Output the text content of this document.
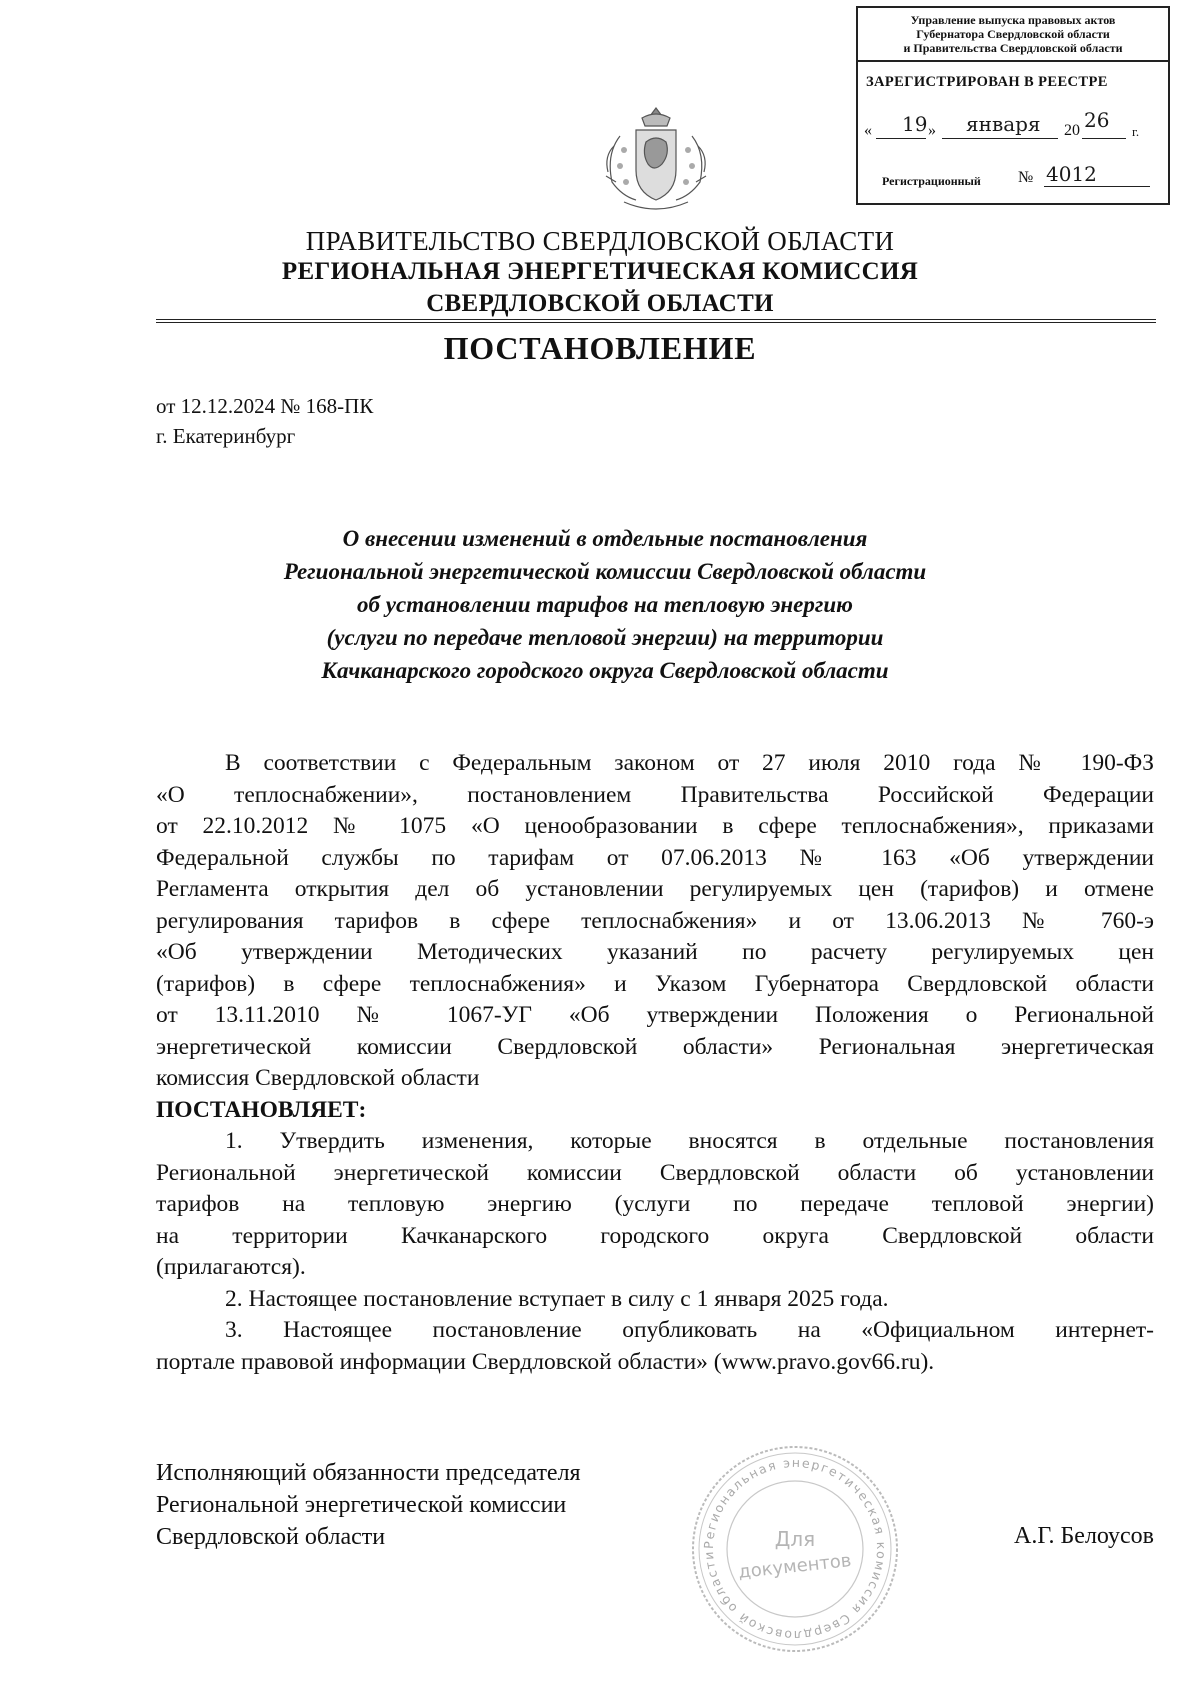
Управление выпуска правовых актов
Губернатора Свердловской области
и Правительства Свердловской области
ЗАРЕГИСТРИРОВАН В РЕЕСТРЕ
« 19 » января 20 26 г.
Регистрационный № 4012
ПРАВИТЕЛЬСТВО СВЕРДЛОВСКОЙ ОБЛАСТИ
РЕГИОНАЛЬНАЯ ЭНЕРГЕТИЧЕСКАЯ КОМИССИЯ
СВЕРДЛОВСКОЙ ОБЛАСТИ
ПОСТАНОВЛЕНИЕ
от 12.12.2024 № 168-ПК
г. Екатеринбург
О внесении изменений в отдельные постановления
Региональной энергетической комиссии Свердловской области
об установлении тарифов на тепловую энергию
(услуги по передаче тепловой энергии) на территории
Качканарского городского округа Свердловской области
В соответствии с Федеральным законом от 27 июля 2010 года № 190-ФЗ
«О теплоснабжении», постановлением Правительства Российской Федерации
от 22.10.2012 № 1075 «О ценообразовании в сфере теплоснабжения», приказами
Федеральной службы по тарифам от 07.06.2013 № 163 «Об утверждении
Регламента открытия дел об установлении регулируемых цен (тарифов) и отмене
регулирования тарифов в сфере теплоснабжения» и от 13.06.2013 № 760-э
«Об утверждении Методических указаний по расчету регулируемых цен
(тарифов) в сфере теплоснабжения» и Указом Губернатора Свердловской области
от 13.11.2010 № 1067-УГ «Об утверждении Положения о Региональной
энергетической комиссии Свердловской области» Региональная энергетическая
комиссия Свердловской области
ПОСТАНОВЛЯЕТ:
1. Утвердить изменения, которые вносятся в отдельные постановления
Региональной энергетической комиссии Свердловской области об установлении
тарифов на тепловую энергию (услуги по передаче тепловой энергии)
на территории Качканарского городского округа Свердловской области
(прилагаются).
2. Настоящее постановление вступает в силу с 1 января 2025 года.
3. Настоящее постановление опубликовать на «Официальном интернет-
портале правовой информации Свердловской области» (www.pravo.gov66.ru).
Исполняющий обязанности председателя
Региональной энергетической комиссии
Свердловской области	А.Г. Белоусов
Региональная энергетическая комиссия Свердловской области
Для
документов
